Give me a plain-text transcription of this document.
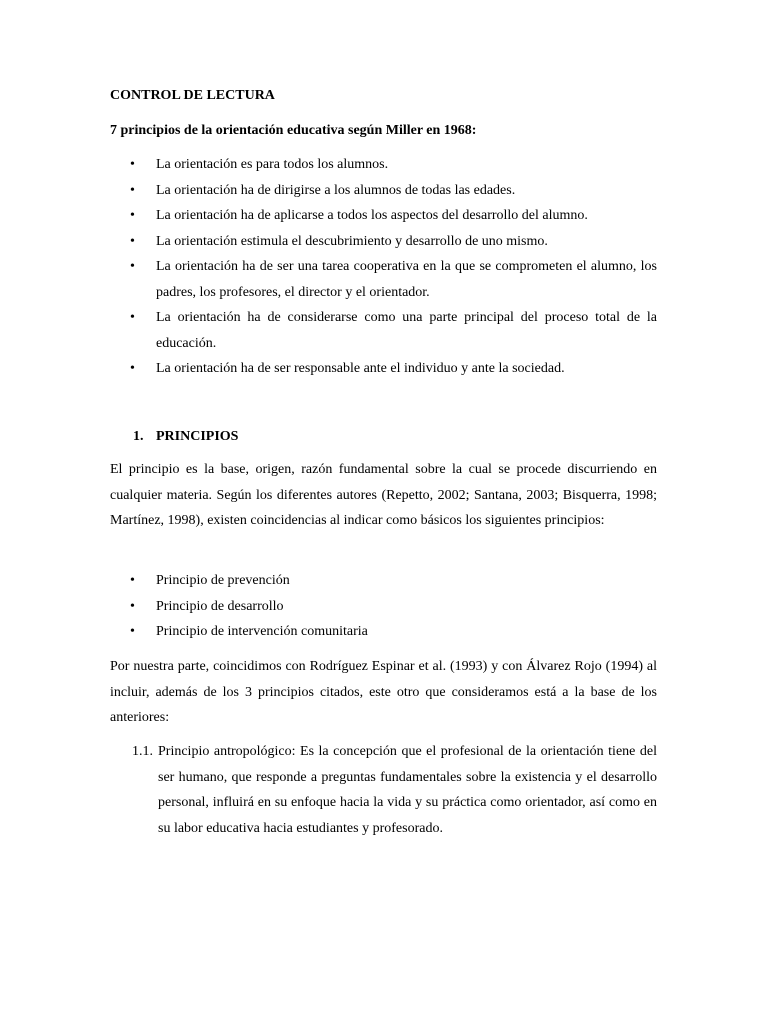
CONTROL DE LECTURA
7 principios de la orientación educativa según Miller en 1968:
•	La orientación es para todos los alumnos.
•	La orientación ha de dirigirse a los alumnos de todas las edades.
•	La orientación ha de aplicarse a todos los aspectos del desarrollo del alumno.
•	La orientación estimula el descubrimiento y desarrollo de uno mismo.
•	La orientación ha de ser una tarea cooperativa en la que se comprometen el alumno, los padres, los profesores, el director y el orientador.
•	La orientación ha de considerarse como una parte principal del proceso total de la educación.
•	La orientación ha de ser responsable ante el individuo y ante la sociedad.
1. PRINCIPIOS

El principio es la base, origen, razón fundamental sobre la cual se procede discurriendo en cualquier materia. Según los diferentes autores (Repetto, 2002; Santana, 2003; Bisquerra, 1998; Martínez, 1998), existen coincidencias al indicar como básicos los siguientes principios:

•	Principio de prevención
•	Principio de desarrollo
•	Principio de intervención comunitaria

Por nuestra parte, coincidimos con Rodríguez Espinar et al. (1993) y con Álvarez Rojo (1994) al incluir, además de los 3 principios citados, este otro que consideramos está a la base de los anteriores:

1.1. Principio antropológico: Es la concepción que el profesional de la orientación tiene del ser humano, que responde a preguntas fundamentales sobre la existencia y el desarrollo personal, influirá en su enfoque hacia la vida y su práctica como orientador, así como en su labor educativa hacia estudiantes y profesorado.
